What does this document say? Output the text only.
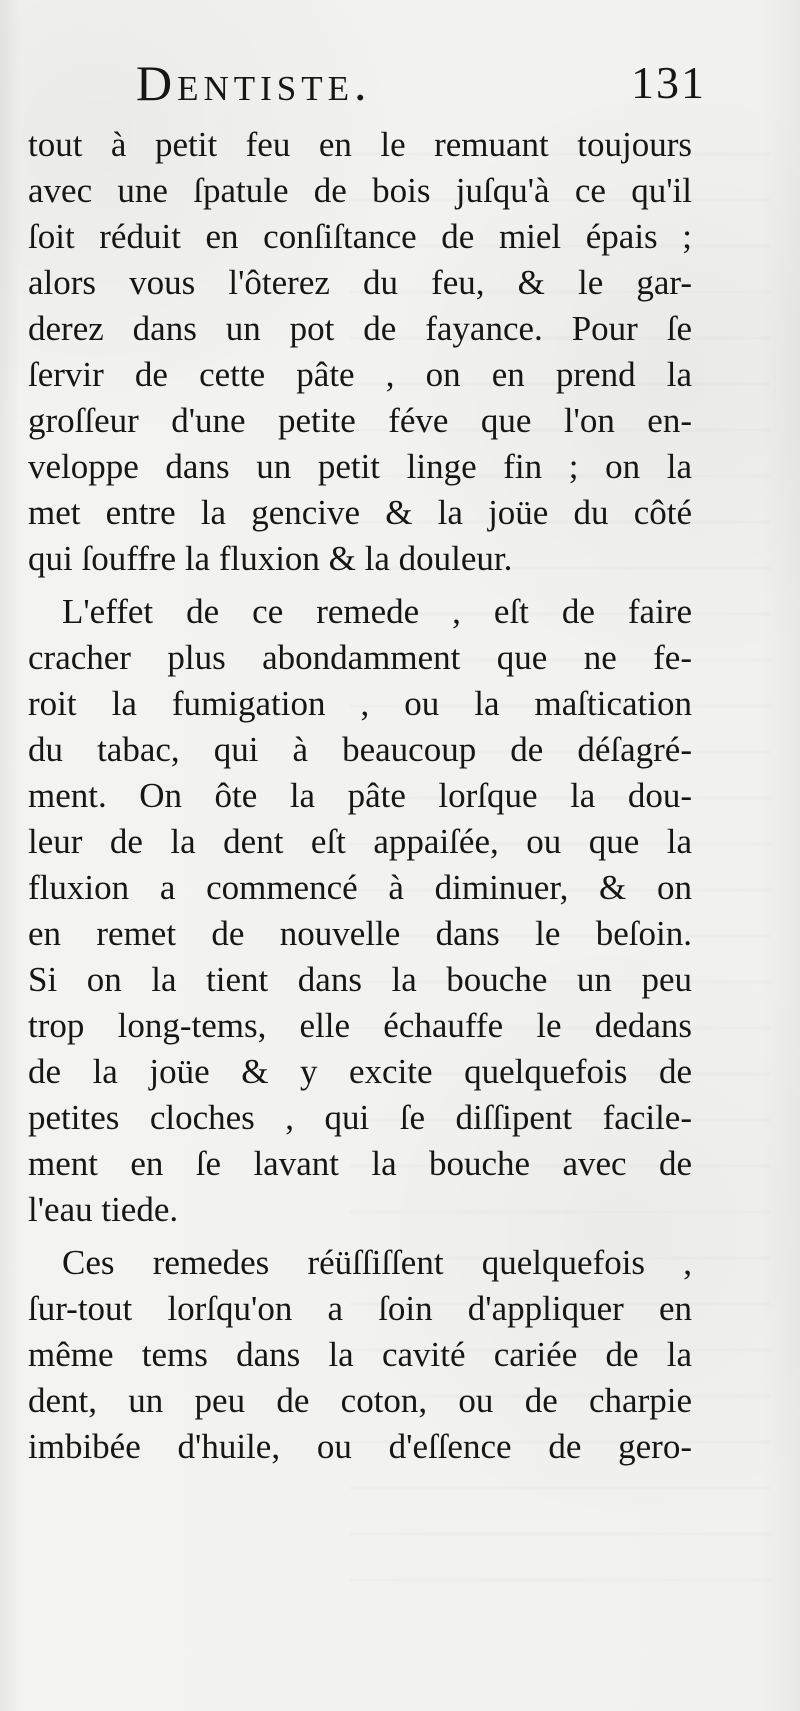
Dentiste.	131
tout à petit feu en le remuant toujours
avec une ſpatule de bois juſqu'à ce qu'il
ſoit réduit en conſiſtance de miel épais ;
alors vous l'ôterez du feu, & le gar-
derez dans un pot de fayance. Pour ſe
ſervir de cette pâte , on en prend la
groſſeur d'une petite féve que l'on en-
veloppe dans un petit linge fin ; on la
met entre la gencive & la joüe du côté
qui ſouffre la fluxion & la douleur.
L'effet de ce remede , eſt de faire
cracher plus abondamment que ne fe-
roit la fumigation , ou la maſtication
du tabac, qui à beaucoup de déſagré-
ment. On ôte la pâte lorſque la dou-
leur de la dent eſt appaiſée, ou que la
fluxion a commencé à diminuer, & on
en remet de nouvelle dans le beſoin.
Si on la tient dans la bouche un peu
trop long-tems, elle échauffe le dedans
de la joüe & y excite quelquefois de
petites cloches , qui ſe diſſipent facile-
ment en ſe lavant la bouche avec de
l'eau tiede.
Ces remedes réüſſiſſent quelquefois ,
ſur-tout lorſqu'on a ſoin d'appliquer en
même tems dans la cavité cariée de la
dent, un peu de coton, ou de charpie
imbibée d'huile, ou d'eſſence de gero-
